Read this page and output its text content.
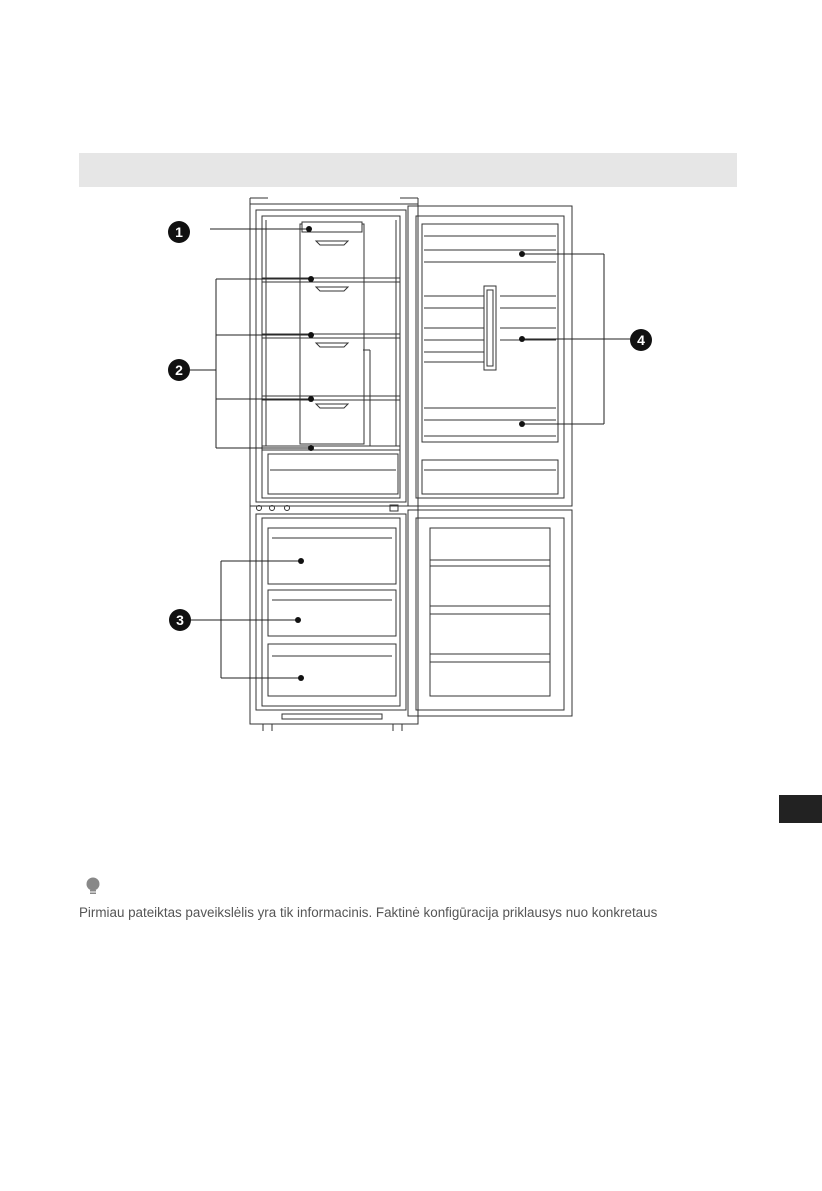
1
2
3
4
Pirmiau pateiktas paveikslėlis yra tik informacinis. Faktinė konfigūracija priklausys nuo konkretaus
